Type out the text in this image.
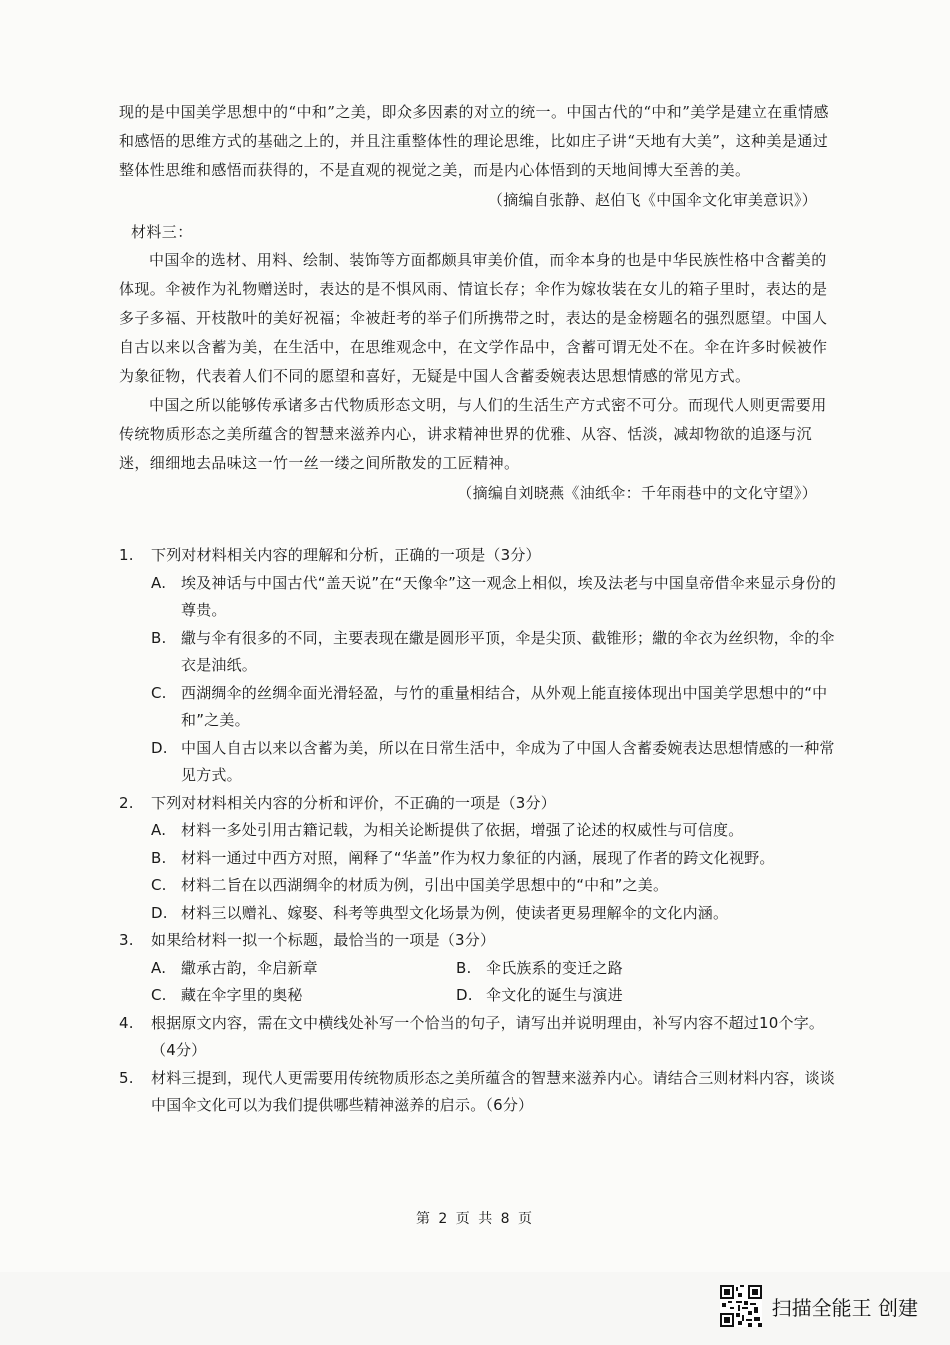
现的是中国美学思想中的“中和”之美，即众多因素的对立的统一。中国古代的“中和”美学是建立在重情感和感悟的思维方式的基础之上的，并且注重整体性的理论思维，比如庄子讲“天地有大美”，这种美是通过整体性思维和感悟而获得的，不是直观的视觉之美，而是内心体悟到的天地间博大至善的美。

（摘编自张静、赵伯飞《中国伞文化审美意识》）

材料三：

中国伞的选材、用料、绘制、装饰等方面都颇具审美价值，而伞本身的也是中华民族性格中含蓄美的体现。伞被作为礼物赠送时，表达的是不惧风雨、情谊长存；伞作为嫁妆装在女儿的箱子里时，表达的是多子多福、开枝散叶的美好祝福；伞被赶考的举子们所携带之时，表达的是金榜题名的强烈愿望。中国人自古以来以含蓄为美，在生活中，在思维观念中，在文学作品中，含蓄可谓无处不在。伞在许多时候被作为象征物，代表着人们不同的愿望和喜好，无疑是中国人含蓄委婉表达思想情感的常见方式。

中国之所以能够传承诸多古代物质形态文明，与人们的生活生产方式密不可分。而现代人则更需要用传统物质形态之美所蕴含的智慧来滋养内心，讲求精神世界的优雅、从容、恬淡，减却物欲的追逐与沉迷，细细地去品味这一竹一丝一缕之间所散发的工匠精神。

（摘编自刘晓燕《油纸伞：千年雨巷中的文化守望》）

1.	下列对材料相关内容的理解和分析，正确的一项是（3分）
A. 埃及神话与中国古代“盖天说”在“天像伞”这一观念上相似，埃及法老与中国皇帝借伞来显示身份的尊贵。
B. 繖与伞有很多的不同，主要表现在繖是圆形平顶，伞是尖顶、截锥形；繖的伞衣为丝织物，伞的伞衣是油纸。
C. 西湖绸伞的丝绸伞面光滑轻盈，与竹的重量相结合，从外观上能直接体现出中国美学思想中的“中和”之美。
D. 中国人自古以来以含蓄为美，所以在日常生活中，伞成为了中国人含蓄委婉表达思想情感的一种常见方式。
2.	下列对材料相关内容的分析和评价，不正确的一项是（3分）
A. 材料一多处引用古籍记载，为相关论断提供了依据，增强了论述的权威性与可信度。
B. 材料一通过中西方对照，阐释了“华盖”作为权力象征的内涵，展现了作者的跨文化视野。
C. 材料二旨在以西湖绸伞的材质为例，引出中国美学思想中的“中和”之美。
D. 材料三以赠礼、嫁娶、科考等典型文化场景为例，使读者更易理解伞的文化内涵。
3.	如果给材料一拟一个标题，最恰当的一项是（3分）
A. 繖承古韵，伞启新章	B. 伞氏族系的变迁之路
C. 藏在伞字里的奥秘	D. 伞文化的诞生与演进
4.	根据原文内容，需在文中横线处补写一个恰当的句子，请写出并说明理由，补写内容不超过10个字。（4分）
5.	材料三提到，现代人更需要用传统物质形态之美所蕴含的智慧来滋养内心。请结合三则材料内容，谈谈中国伞文化可以为我们提供哪些精神滋养的启示。（6分）
第 2 页 共 8 页
扫描全能王 创建
